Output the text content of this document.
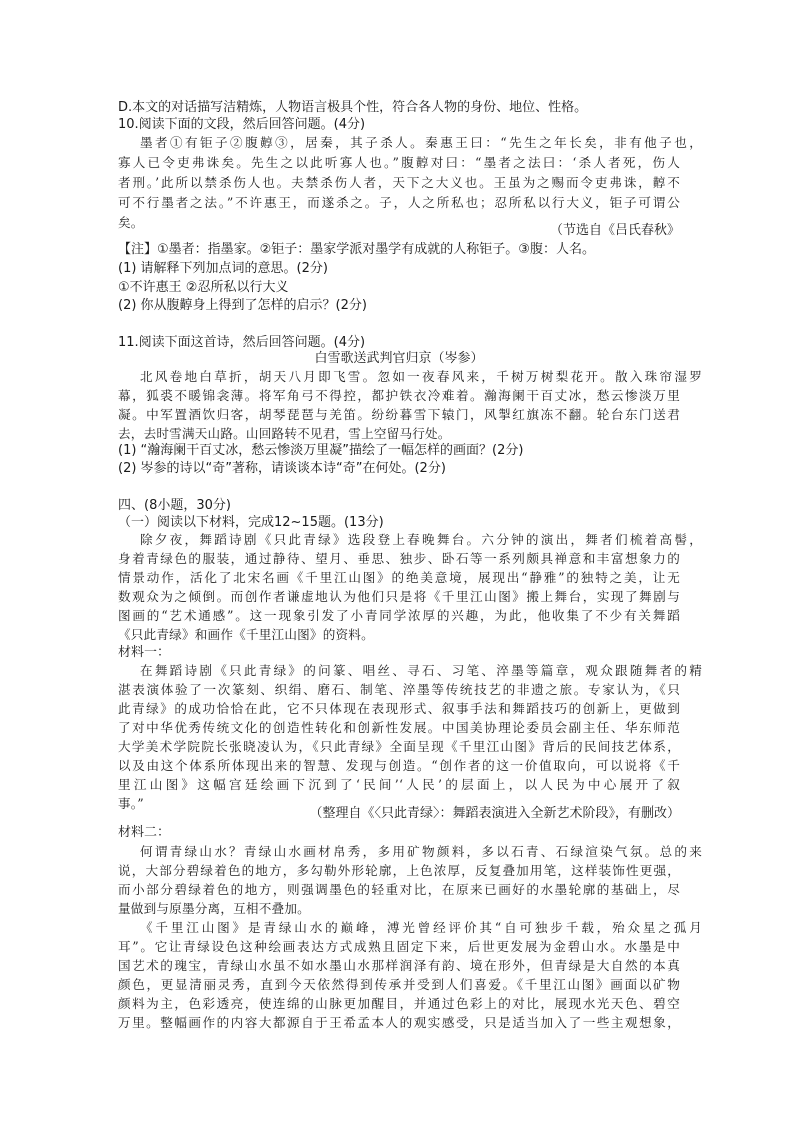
D.本文的对话描写洁精炼，人物语言极具个性，符合各人物的身份、地位、性格。
10.阅读下面的文段，然后回答问题。(4分)
墨者①有钜子②腹䵍③，居秦，其子杀人。秦惠王曰：“先生之年长矣，非有他子也，
寡人已令吏弗诛矣。先生之以此听寡人也。”腹䵍对曰：“墨者之法曰：‘杀人者死，伤人
者刑。’此所以禁杀伤人也。夫禁杀伤人者，天下之大义也。王虽为之赐而令吏弗诛，䵍不
可不行墨者之法。”不许惠王，而遂杀之。子，人之所私也；忍所私以行大义，钜子可谓公
矣。
（节选自《吕氏春秋》
【注】①墨者：指墨家。②钜子：墨家学派对墨学有成就的人称钜子。③腹：人名。
(1) 请解释下列加点词的意思。(2分)
①不许惠王 ②忍所私以行大义
(2) 你从腹䵍身上得到了怎样的启示？(2分)
11.阅读下面这首诗，然后回答问题。(4分)
白雪歌送武判官归京（岑参）
北风卷地白草折，胡天八月即飞雪。忽如一夜春风来，千树万树梨花开。散入珠帘湿罗
幕，狐裘不暖锦衾薄。将军角弓不得控，都护铁衣冷难着。瀚海阑干百丈冰，愁云惨淡万里
凝。中军置酒饮归客，胡琴琵琶与羌笛。纷纷暮雪下辕门，风掣红旗冻不翻。轮台东门送君
去，去时雪满天山路。山回路转不见君，雪上空留马行处。
(1) “瀚海阑干百丈冰，愁云惨淡万里凝”描绘了一幅怎样的画面？(2分)
(2) 岑参的诗以“奇”著称，请谈谈本诗“奇”在何处。(2分)
四、(8小题，30分)
（一）阅读以下材料，完成12~15题。(13分)
除夕夜，舞蹈诗剧《只此青绿》选段登上春晚舞台。六分钟的演出，舞者们梳着高髻，
身着青绿色的服装，通过静待、望月、垂思、独步、卧石等一系列颇具禅意和丰富想象力的
情景动作，活化了北宋名画《千里江山图》的绝美意境，展现出“静雅”的独特之美，让无
数观众为之倾倒。而创作者谦虚地认为他们只是将《千里江山图》搬上舞台，实现了舞剧与
图画的“艺术通感”。这一现象引发了小青同学浓厚的兴趣，为此，他收集了不少有关舞蹈
《只此青绿》和画作《千里江山图》的资料。
材料一：
在舞蹈诗剧《只此青绿》的问篆、唱丝、寻石、习笔、淬墨等篇章，观众跟随舞者的精
湛表演体验了一次篆刻、织绢、磨石、制笔、淬墨等传统技艺的非遗之旅。专家认为，《只
此青绿》的成功恰恰在此，它不只体现在表现形式、叙事手法和舞蹈技巧的创新上，更做到
了对中华优秀传统文化的创造性转化和创新性发展。中国美协理论委员会副主任、华东师范
大学美术学院院长张晓凌认为，《只此青绿》全面呈现《千里江山图》背后的民间技艺体系，
以及由这个体系所体现出来的智慧、发现与创造。“创作者的这一价值取向，可以说将《千
里江山图》这幅宫廷绘画下沉到了‘民间’‘人民’的层面上，以人民为中心展开了叙
事。”
（整理自《〈只此青绿〉：舞蹈表演进入全新艺术阶段》，有删改）
材料二：
何谓青绿山水？青绿山水画材帛秀，多用矿物颜料，多以石青、石绿渲染气氛。总的来
说，大部分碧绿着色的地方，多勾勒外形轮廓，上色浓厚，反复叠加用笔，这样装饰性更强，
而小部分碧绿着色的地方，则强调墨色的轻重对比，在原来已画好的水墨轮廓的基础上，尽
量做到与原墨分离，互相不叠加。
《千里江山图》是青绿山水的巅峰，溥光曾经评价其“自可独步千载，殆众星之孤月
耳”。它让青绿设色这种绘画表达方式成熟且固定下来，后世更发展为金碧山水。水墨是中
国艺术的瑰宝，青绿山水虽不如水墨山水那样润泽有韵、境在形外，但青绿是大自然的本真
颜色，更显清丽灵秀，直到今天依然得到传承并受到人们喜爱。《千里江山图》画面以矿物
颜料为主，色彩透亮，使连绵的山脉更加醒目，并通过色彩上的对比，展现水光天色、碧空
万里。整幅画作的内容大都源自于王希孟本人的观实感受，只是适当加入了一些主观想象，
